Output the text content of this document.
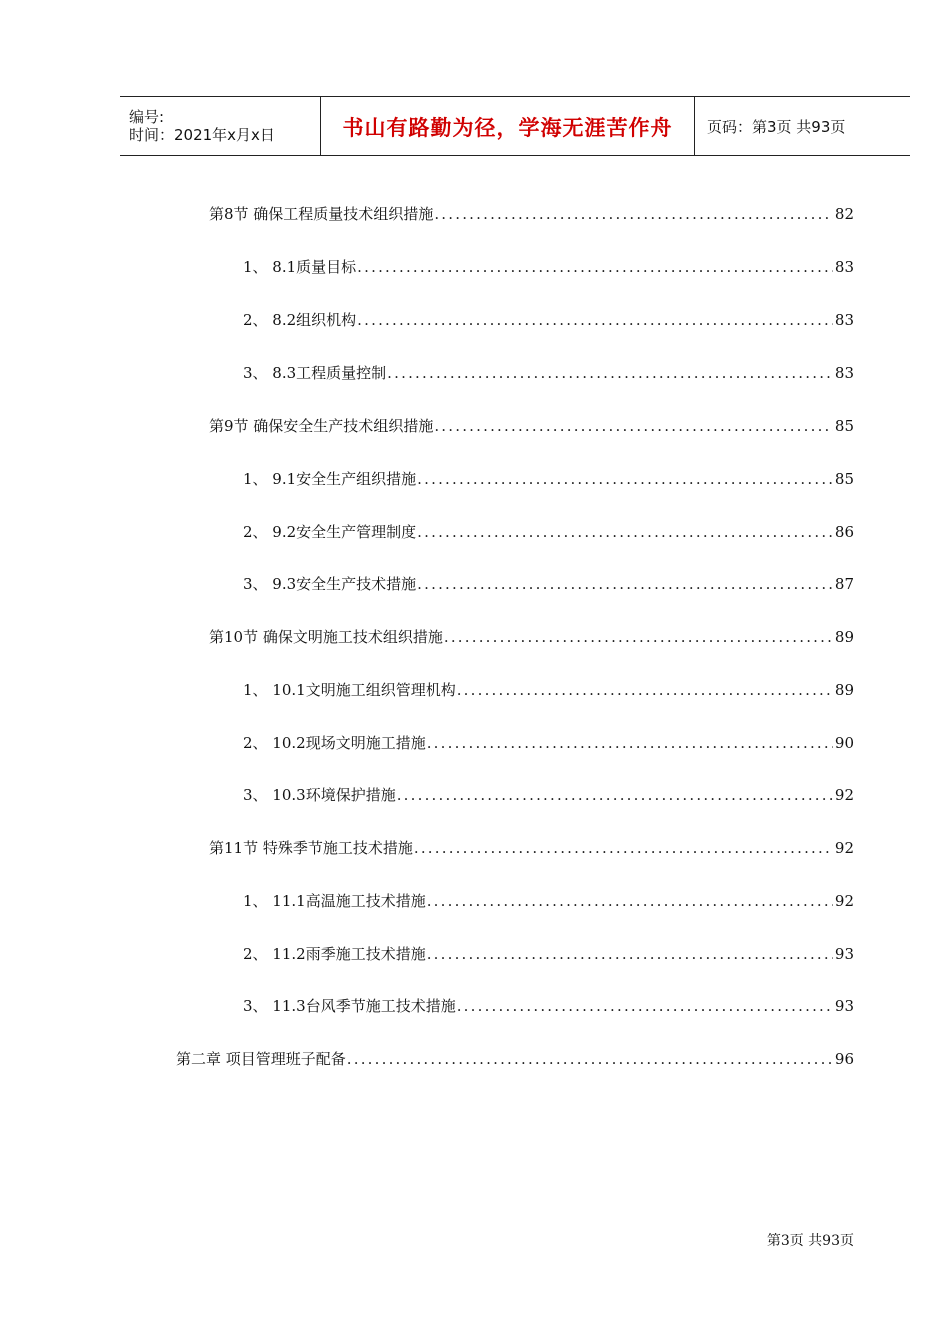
编号:
时间：2021年x月x日	书山有路勤为径，学海无涯苦作舟	页码：第3页 共93页
第8节 确保工程质量技术组织措施 .....	82
1、 8.1质量目标 .....	83
2、 8.2组织机构 .....	83
3、 8.3工程质量控制 .....	83
第9节 确保安全生产技术组织措施 .....	85
1、 9.1安全生产组织措施 .....	85
2、 9.2安全生产管理制度 .....	86
3、 9.3安全生产技术措施 .....	87
第10节 确保文明施工技术组织措施 .....	89
1、 10.1文明施工组织管理机构 .....	89
2、 10.2现场文明施工措施 .....	90
3、 10.3环境保护措施 .....	92
第11节 特殊季节施工技术措施 .....	92
1、 11.1高温施工技术措施 .....	92
2、 11.2雨季施工技术措施 .....	93
3、 11.3台风季节施工技术措施 .....	93
第二章 项目管理班子配备 .....	96
第3页 共93页
